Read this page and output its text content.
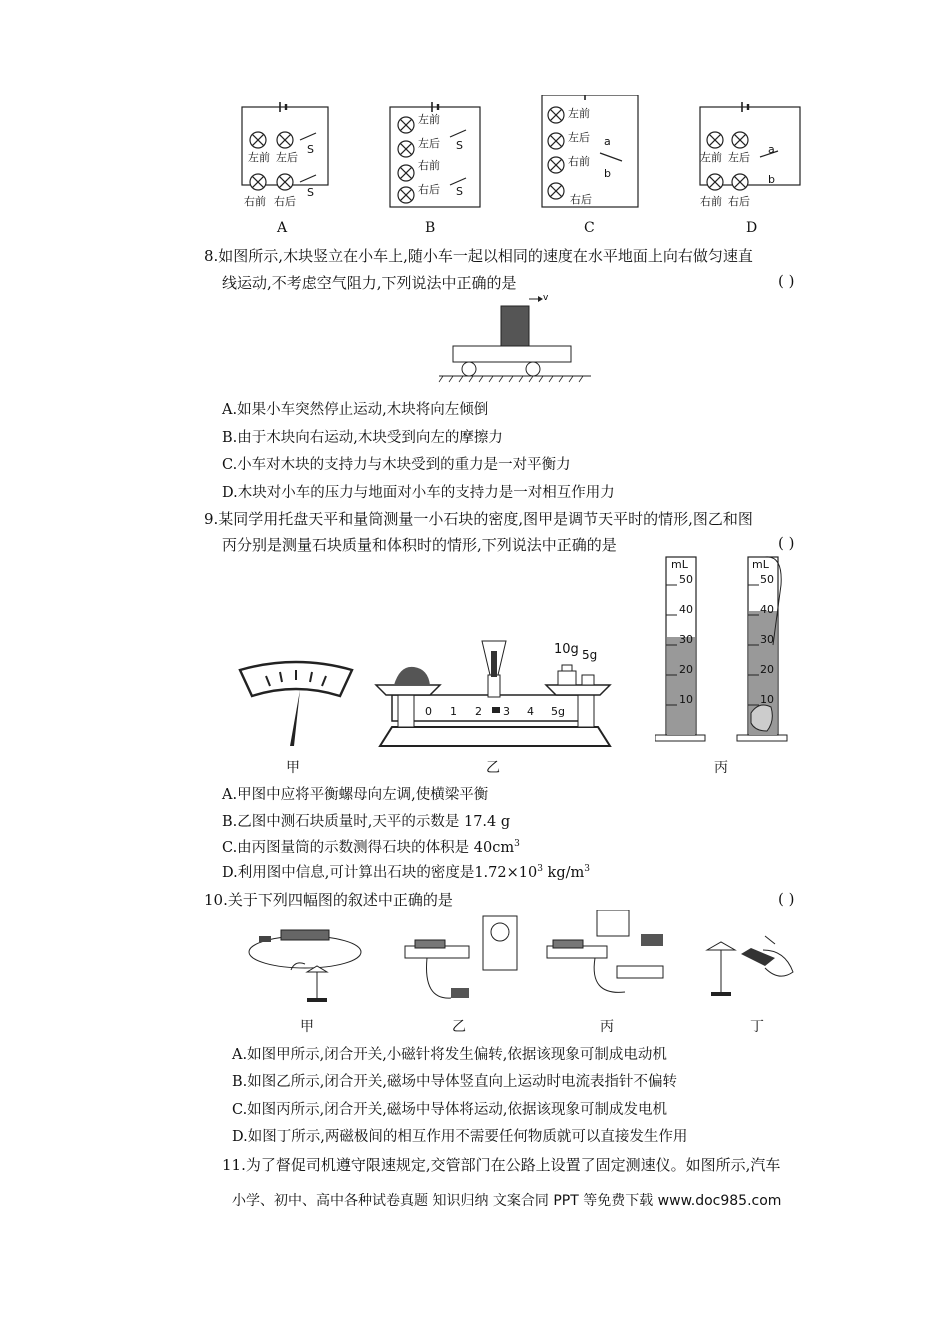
左前 左后
右前 右后
S
S
左前
左后
右前
右后
S
S
左前
左后
右前
右后
a
b
左前 左后
右前 右后
a
b
A	B	C	D
8.如图所示,木块竖立在小车上,随小车一起以相同的速度在水平地面上向右做匀速直
线运动,不考虑空气阻力,下列说法中正确的是	( )
v
A.如果小车突然停止运动,木块将向左倾倒
B.由于木块向右运动,木块受到向左的摩擦力
C.小车对木块的支持力与木块受到的重力是一对平衡力
D.木块对小车的压力与地面对小车的支持力是一对相互作用力
9.某同学用托盘天平和量筒测量一小石块的密度,图甲是调节天平时的情形,图乙和图
丙分别是测量石块质量和体积时的情形,下列说法中正确的是	( )
0 1 2 3 4 5g
10g 5g
mL
50
40
30
20
10
mL
50
40
30
20
10
甲	乙	丙
A.甲图中应将平衡螺母向左调,使横梁平衡
B.乙图中测石块质量时,天平的示数是 17.4 g
C.由丙图量筒的示数测得石块的体积是 $40cm^3$
D.利用图中信息,可计算出石块的密度是$1.72\times 10^3$ $kg/m^3$
10.关于下列四幅图的叙述中正确的是	( )
甲	乙	丙	丁
A.如图甲所示,闭合开关,小磁针将发生偏转,依据该现象可制成电动机
B.如图乙所示,闭合开关,磁场中导体竖直向上运动时电流表指针不偏转
C.如图丙所示,闭合开关,磁场中导体将运动,依据该现象可制成发电机
D.如图丁所示,两磁极间的相互作用不需要任何物质就可以直接发生作用
11.为了督促司机遵守限速规定,交管部门在公路上设置了固定测速仪。如图所示,汽车
小学、初中、高中各种试卷真题 知识归纳 文案合同 PPT 等免费下载 www.doc985.com
